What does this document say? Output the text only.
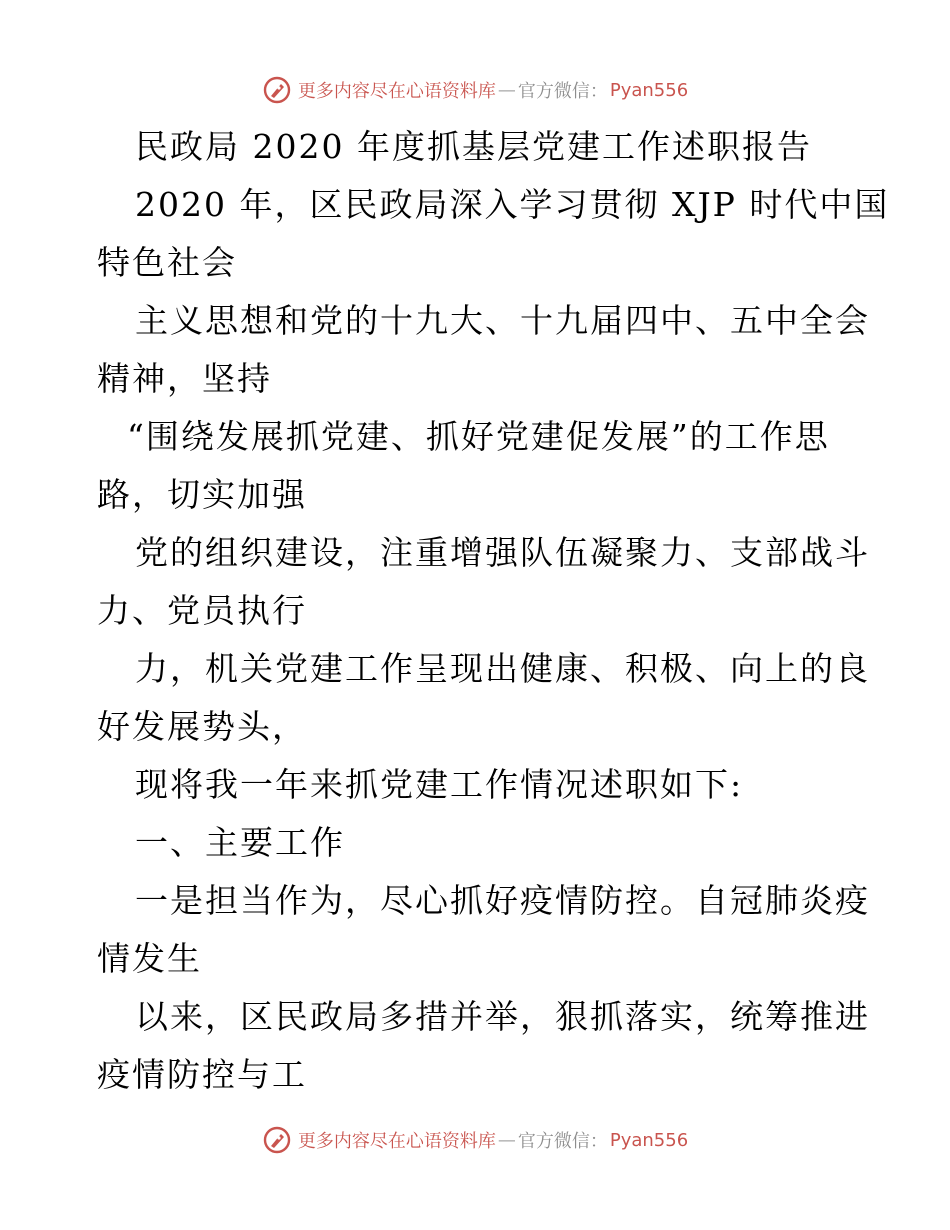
更多内容尽在心语资料库 — 官方微信： Pyan556
民政局 2020 年度抓基层党建工作述职报告
2020 年，区民政局深入学习贯彻 XJP 时代中国
特色社会
主义思想和党的十九大、十九届四中、五中全会
精神，坚持
“围绕发展抓党建、抓好党建促发展”的工作思
路，切实加强
党的组织建设，注重增强队伍凝聚力、支部战斗
力、党员执行
力，机关党建工作呈现出健康、积极、向上的良
好发展势头，
现将我一年来抓党建工作情况述职如下:
一、主要工作
一是担当作为，尽心抓好疫情防控。自冠肺炎疫
情发生
以来，区民政局多措并举，狠抓落实，统筹推进
疫情防控与工
更多内容尽在心语资料库 — 官方微信： Pyan556
